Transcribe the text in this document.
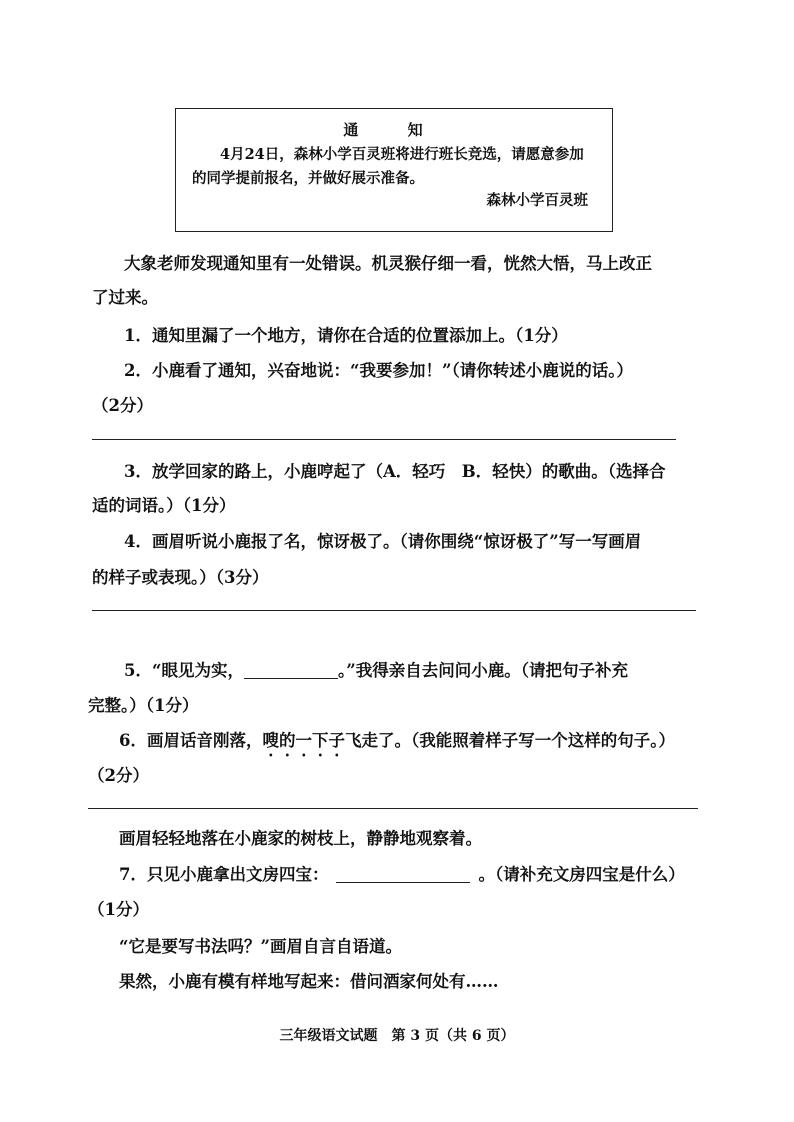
通 知
4月24日，森林小学百灵班将进行班长竞选，请愿意参加的同学提前报名，并做好展示准备。
森林小学百灵班
大象老师发现通知里有一处错误。机灵猴仔细一看，恍然大悟，马上改正
了过来。
1．通知里漏了一个地方，请你在合适的位置添加上。（1分）
2．小鹿看了通知，兴奋地说：“我要参加！”（请你转述小鹿说的话。）
（2分）
3．放学回家的路上，小鹿哼起了（A．轻巧　B．轻快）的歌曲。（选择合
适的词语。）（1分）
4．画眉听说小鹿报了名，惊讶极了。（请你围绕“惊讶极了”写一写画眉
的样子或表现。）（3分）
5．“眼见为实，	。”我得亲自去问问小鹿。（请把句子补充
完整。）（1分）
6．画眉话音刚落，嗖的一下子飞走了。（我能照着样子写一个这样的句子。）
（2分）
画眉轻轻地落在小鹿家的树枝上，静静地观察着。
7．只见小鹿拿出文房四宝：	。（请补充文房四宝是什么）
（1分）
“它是要写书法吗？”画眉自言自语道。
果然，小鹿有模有样地写起来：借问酒家何处有……
三年级语文试题　第 3 页（共 6 页）
